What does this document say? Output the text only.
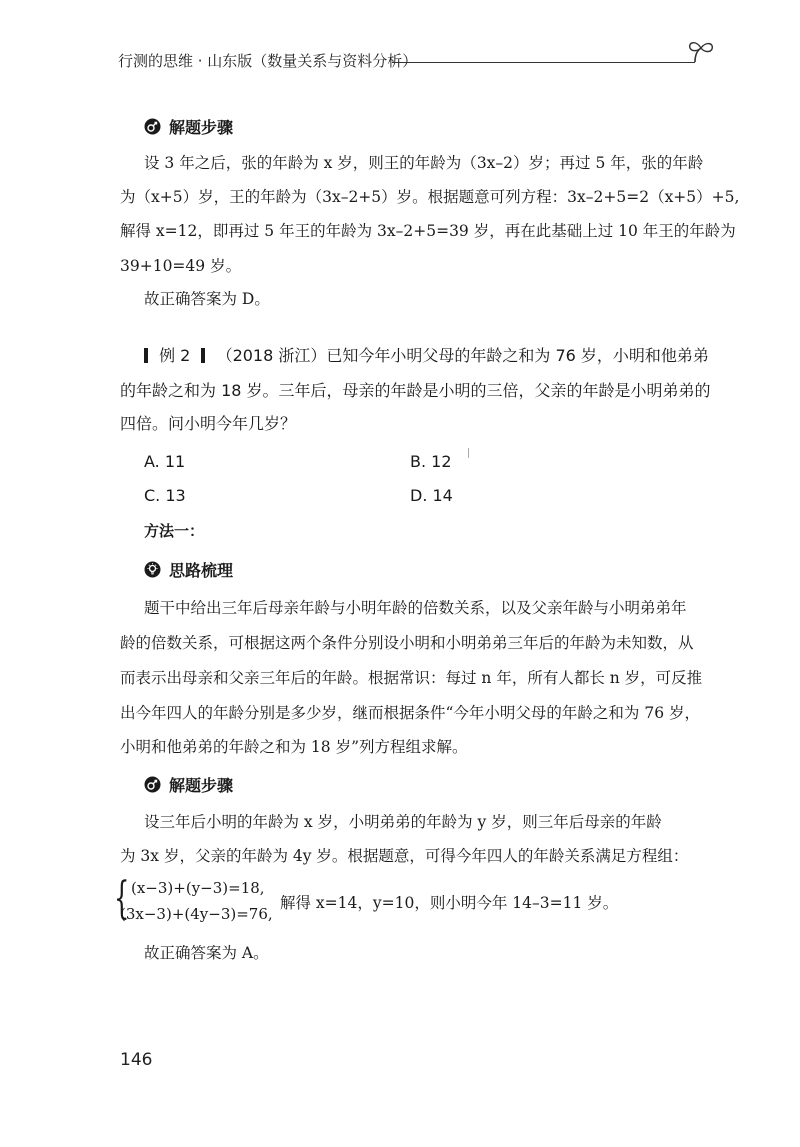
行测的思维 · 山东版（数量关系与资料分析）
解题步骤
设 3 年之后，张的年龄为 x 岁，则王的年龄为（3x–2）岁；再过 5 年，张的年龄
为（x+5）岁，王的年龄为（3x–2+5）岁。根据题意可列方程：3x–2+5=2（x+5）+5,
解得 x=12，即再过 5 年王的年龄为 3x–2+5=39 岁，再在此基础上过 10 年王的年龄为
39+10=49 岁。
故正确答案为 D。
例 2 （2018 浙江）已知今年小明父母的年龄之和为 76 岁，小明和他弟弟
的年龄之和为 18 岁。三年后，母亲的年龄是小明的三倍，父亲的年龄是小明弟弟的
四倍。问小明今年几岁？
A. 11	B. 12
C. 13	D. 14
方法一：
思路梳理
题干中给出三年后母亲年龄与小明年龄的倍数关系，以及父亲年龄与小明弟弟年
龄的倍数关系，可根据这两个条件分别设小明和小明弟弟三年后的年龄为未知数，从
而表示出母亲和父亲三年后的年龄。根据常识：每过 n 年，所有人都长 n 岁，可反推
出今年四人的年龄分别是多少岁，继而根据条件“今年小明父母的年龄之和为 76 岁，
小明和他弟弟的年龄之和为 18 岁”列方程组求解。
解题步骤
设三年后小明的年龄为 x 岁，小明弟弟的年龄为 y 岁，则三年后母亲的年龄
为 3x 岁，父亲的年龄为 4y 岁。根据题意，可得今年四人的年龄关系满足方程组：
{ (x−3)+(y−3)=18,
(3x−3)+(4y−3)=76,
解得 x=14，y=10，则小明今年 14–3=11 岁。
故正确答案为 A。
146
